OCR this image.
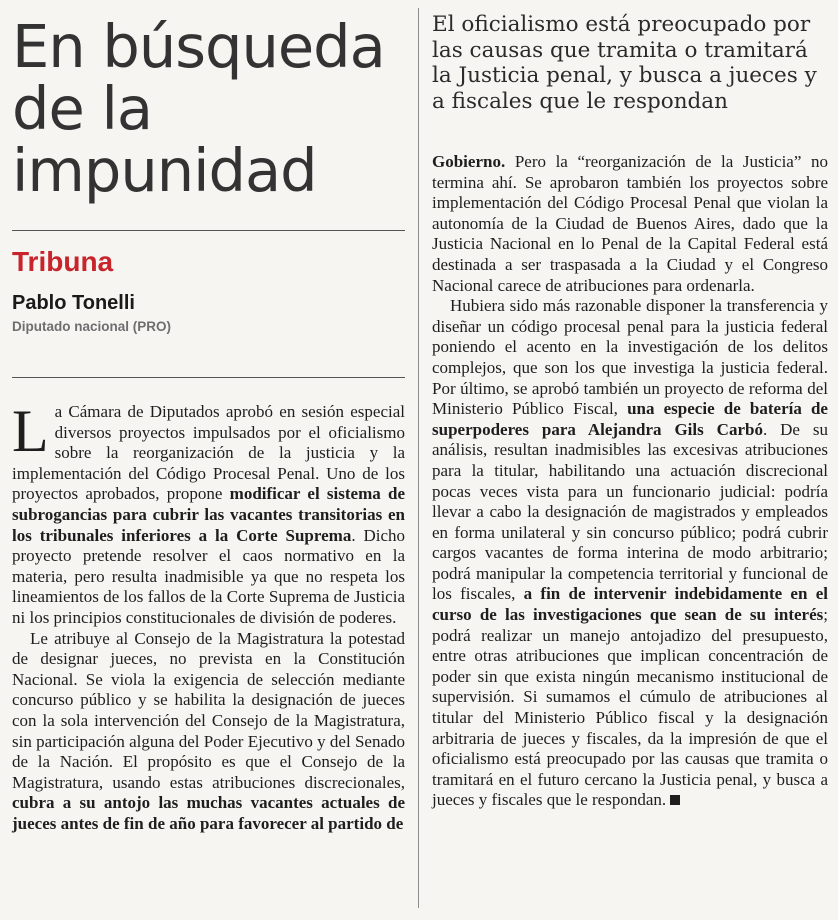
En búsqueda
de la
impunidad
Tribuna
Pablo Tonelli
Diputado nacional (PRO)

La Cámara de Diputados aprobó en sesión especial diversos proyectos impulsados por el oficialismo sobre la reorganización de la justicia y la implementación del Código Procesal Penal. Uno de los proyectos aprobados, propone modificar el sistema de subrogancias para cubrir las vacantes transitorias en los tribunales inferiores a la Corte Suprema. Dicho proyecto pretende resolver el caos normativo en la materia, pero resulta inadmisible ya que no respeta los lineamientos de los fallos de la Corte Suprema de Justicia ni los principios constitucionales de división de poderes.

Le atribuye al Consejo de la Magistratura la potestad de designar jueces, no prevista en la Constitución Nacional. Se viola la exigencia de selección mediante concurso público y se habilita la designación de jueces con la sola intervención del Consejo de la Magistratura, sin participación alguna del Poder Ejecutivo y del Senado de la Nación. El propósito es que el Consejo de la Magistratura, usando estas atribuciones discrecionales, cubra a su antojo las muchas vacantes actuales de jueces antes de fin de año para favorecer al partido de

El oficialismo está preocupado por las causas que tramita o tramitará la Justicia penal, y busca a jueces y a fiscales que le respondan

Gobierno. Pero la “reorganización de la Justicia” no termina ahí. Se aprobaron también los proyectos sobre implementación del Código Procesal Penal que violan la autonomía de la Ciudad de Buenos Aires, dado que la Justicia Nacional en lo Penal de la Capital Federal está destinada a ser traspasada a la Ciudad y el Congreso Nacional carece de atribuciones para ordenarla.

Hubiera sido más razonable disponer la transferencia y diseñar un código procesal penal para la justicia federal poniendo el acento en la investigación de los delitos complejos, que son los que investiga la justicia federal. Por último, se aprobó también un proyecto de reforma del Ministerio Público Fiscal, una especie de batería de superpoderes para Alejandra Gils Carbó. De su análisis, resultan inadmisibles las excesivas atribuciones para la titular, habilitando una actuación discrecional pocas veces vista para un funcionario judicial: podría llevar a cabo la designación de magistrados y empleados en forma unilateral y sin concurso público; podrá cubrir cargos vacantes de forma interina de modo arbitrario; podrá manipular la competencia territorial y funcional de los fiscales, a fin de intervenir indebidamente en el curso de las investigaciones que sean de su interés; podrá realizar un manejo antojadizo del presupuesto, entre otras atribuciones que implican concentración de poder sin que exista ningún mecanismo institucional de supervisión. Si sumamos el cúmulo de atribuciones al titular del Ministerio Público fiscal y la designación arbitraria de jueces y fiscales, da la impresión de que el oficialismo está preocupado por las causas que tramita o tramitará en el futuro cercano la Justicia penal, y busca a jueces y fiscales que le respondan.
